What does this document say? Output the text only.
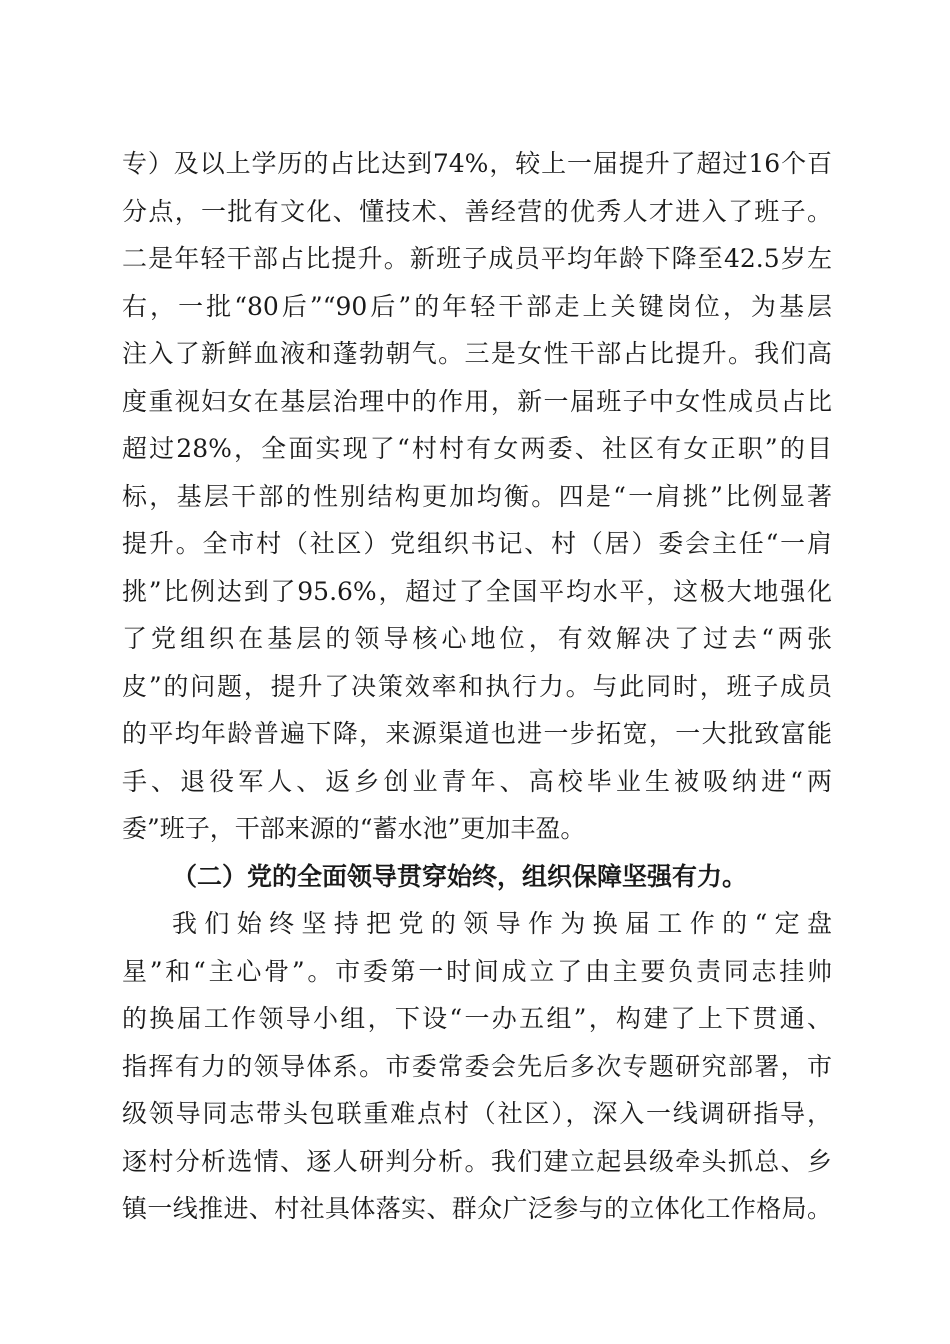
专）及以上学历的占比达到74%，较上一届提升了超过16个百
分点，一批有文化、懂技术、善经营的优秀人才进入了班子。
二是年轻干部占比提升。新班子成员平均年龄下降至42.5岁左
右，一批“80后”“90后”的年轻干部走上关键岗位，为基层
注入了新鲜血液和蓬勃朝气。三是女性干部占比提升。我们高
度重视妇女在基层治理中的作用，新一届班子中女性成员占比
超过28%，全面实现了“村村有女两委、社区有女正职”的目
标，基层干部的性别结构更加均衡。四是“一肩挑”比例显著
提升。全市村（社区）党组织书记、村（居）委会主任“一肩
挑”比例达到了95.6%，超过了全国平均水平，这极大地强化
了党组织在基层的领导核心地位，有效解决了过去“两张
皮”的问题，提升了决策效率和执行力。与此同时，班子成员
的平均年龄普遍下降，来源渠道也进一步拓宽，一大批致富能
手、退役军人、返乡创业青年、高校毕业生被吸纳进“两
委”班子，干部来源的“蓄水池”更加丰盈。
（二）党的全面领导贯穿始终，组织保障坚强有力。
我们始终坚持把党的领导作为换届工作的“定盘
星”和“主心骨”。市委第一时间成立了由主要负责同志挂帅
的换届工作领导小组，下设“一办五组”，构建了上下贯通、
指挥有力的领导体系。市委常委会先后多次专题研究部署，市
级领导同志带头包联重难点村（社区），深入一线调研指导，
逐村分析选情、逐人研判分析。我们建立起县级牵头抓总、乡
镇一线推进、村社具体落实、群众广泛参与的立体化工作格局。
